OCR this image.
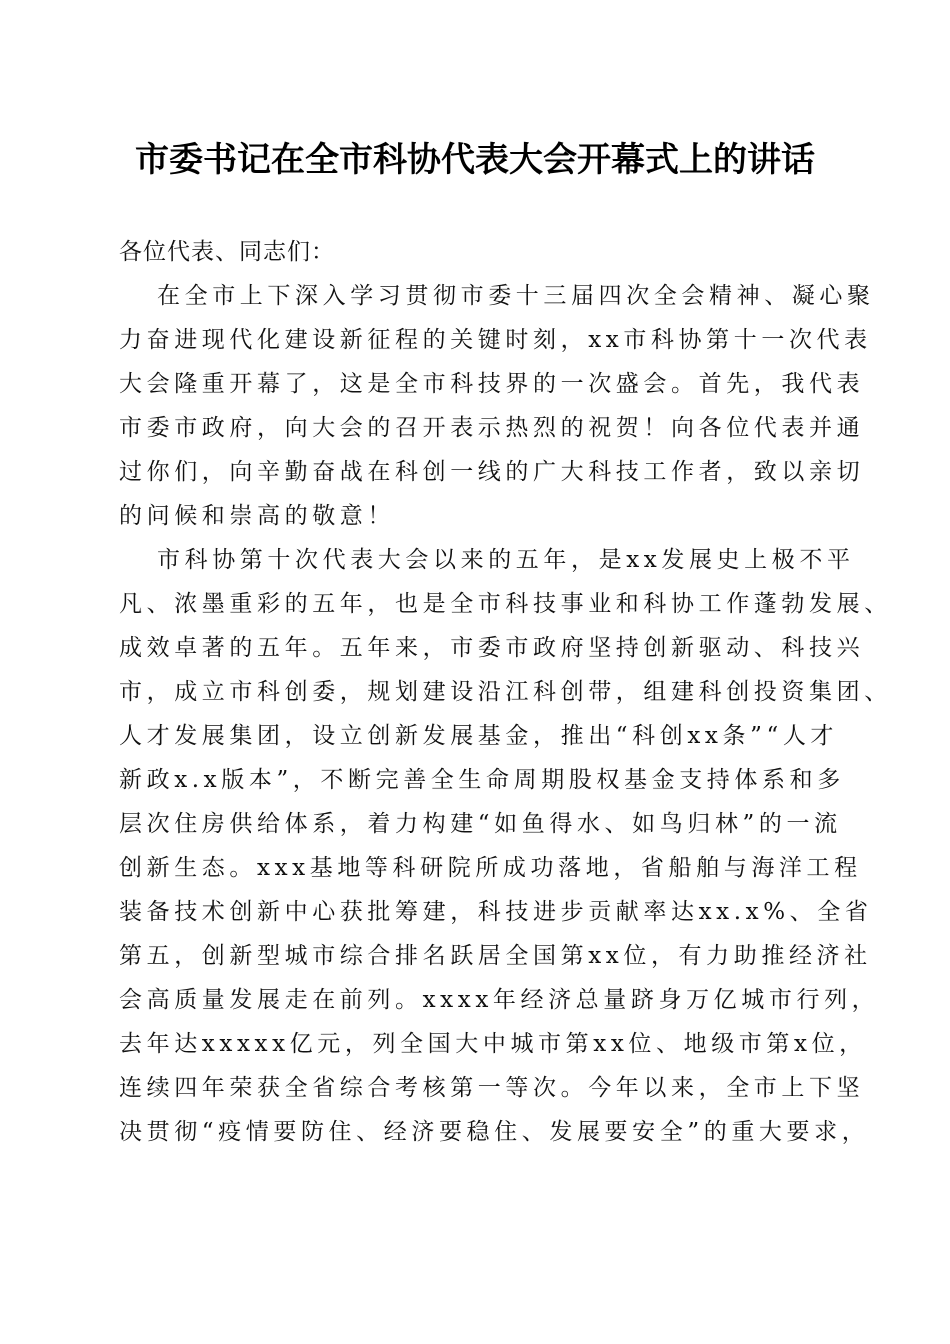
市委书记在全市科协代表大会开幕式上的讲话
各位代表、同志们：
在全市上下深入学习贯彻市委十三届四次全会精神、凝心聚
力奋进现代化建设新征程的关键时刻，xx市科协第十一次代表
大会隆重开幕了，这是全市科技界的一次盛会。首先，我代表
市委市政府，向大会的召开表示热烈的祝贺！向各位代表并通
过你们，向辛勤奋战在科创一线的广大科技工作者，致以亲切
的问候和崇高的敬意！
市科协第十次代表大会以来的五年，是xx发展史上极不平
凡、浓墨重彩的五年，也是全市科技事业和科协工作蓬勃发展、
成效卓著的五年。五年来，市委市政府坚持创新驱动、科技兴
市，成立市科创委，规划建设沿江科创带，组建科创投资集团、
人才发展集团，设立创新发展基金，推出“科创xx条”“人才
新政x.x版本”，不断完善全生命周期股权基金支持体系和多
层次住房供给体系，着力构建“如鱼得水、如鸟归林”的一流
创新生态。xxx基地等科研院所成功落地，省船舶与海洋工程
装备技术创新中心获批筹建，科技进步贡献率达xx.x%、全省
第五，创新型城市综合排名跃居全国第xx位，有力助推经济社
会高质量发展走在前列。xxxx年经济总量跻身万亿城市行列，
去年达xxxxx亿元，列全国大中城市第xx位、地级市第x位，
连续四年荣获全省综合考核第一等次。今年以来，全市上下坚
决贯彻“疫情要防住、经济要稳住、发展要安全”的重大要求，
